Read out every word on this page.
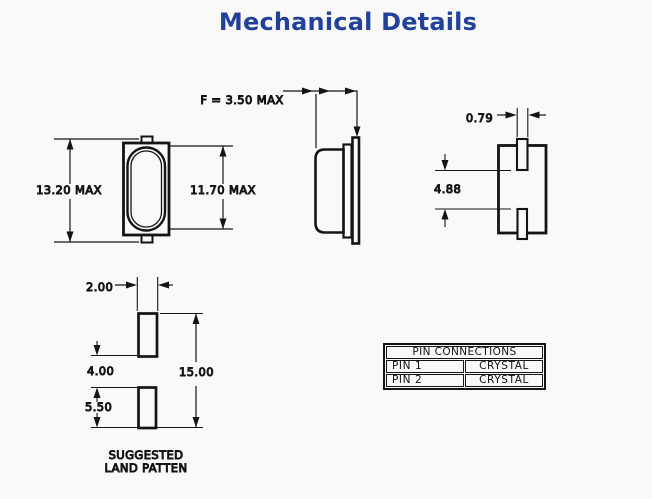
Mechanical Details
13.20 MAX	11.70 MAX
F = 3.50 MAX
0.79
4.88
2.00
15.00
4.00
5.50
SUGGESTED
LAND PATTEN
PIN CONNECTIONS	
PIN 1	CRYSTAL
PIN 2	CRYSTAL
